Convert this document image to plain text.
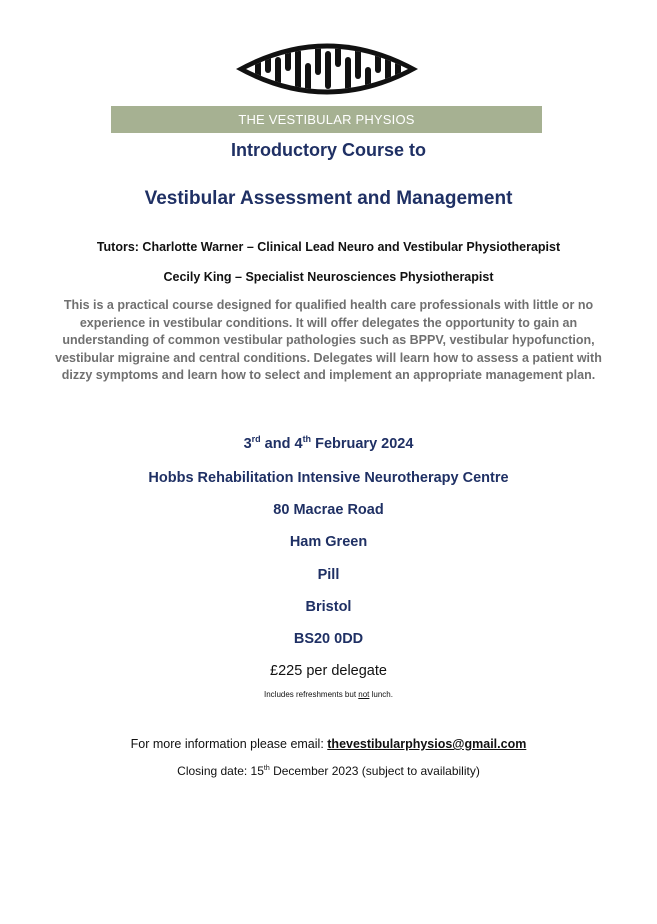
THE VESTIBULAR PHYSIOS
Introductory Course to
Vestibular Assessment and Management
Tutors: Charlotte Warner – Clinical Lead Neuro and Vestibular Physiotherapist
Cecily King – Specialist Neurosciences Physiotherapist
This is a practical course designed for qualified health care professionals with little or no experience in vestibular conditions. It will offer delegates the opportunity to gain an understanding of common vestibular pathologies such as BPPV, vestibular hypofunction, vestibular migraine and central conditions. Delegates will learn how to assess a patient with dizzy symptoms and learn how to select and implement an appropriate management plan.
3rd and 4th February 2024
Hobbs Rehabilitation Intensive Neurotherapy Centre
80 Macrae Road
Ham Green
Pill
Bristol
BS20 0DD
£225 per delegate
Includes refreshments but not lunch.
For more information please email: thevestibularphysios@gmail.com
Closing date: 15th December 2023 (subject to availability)
